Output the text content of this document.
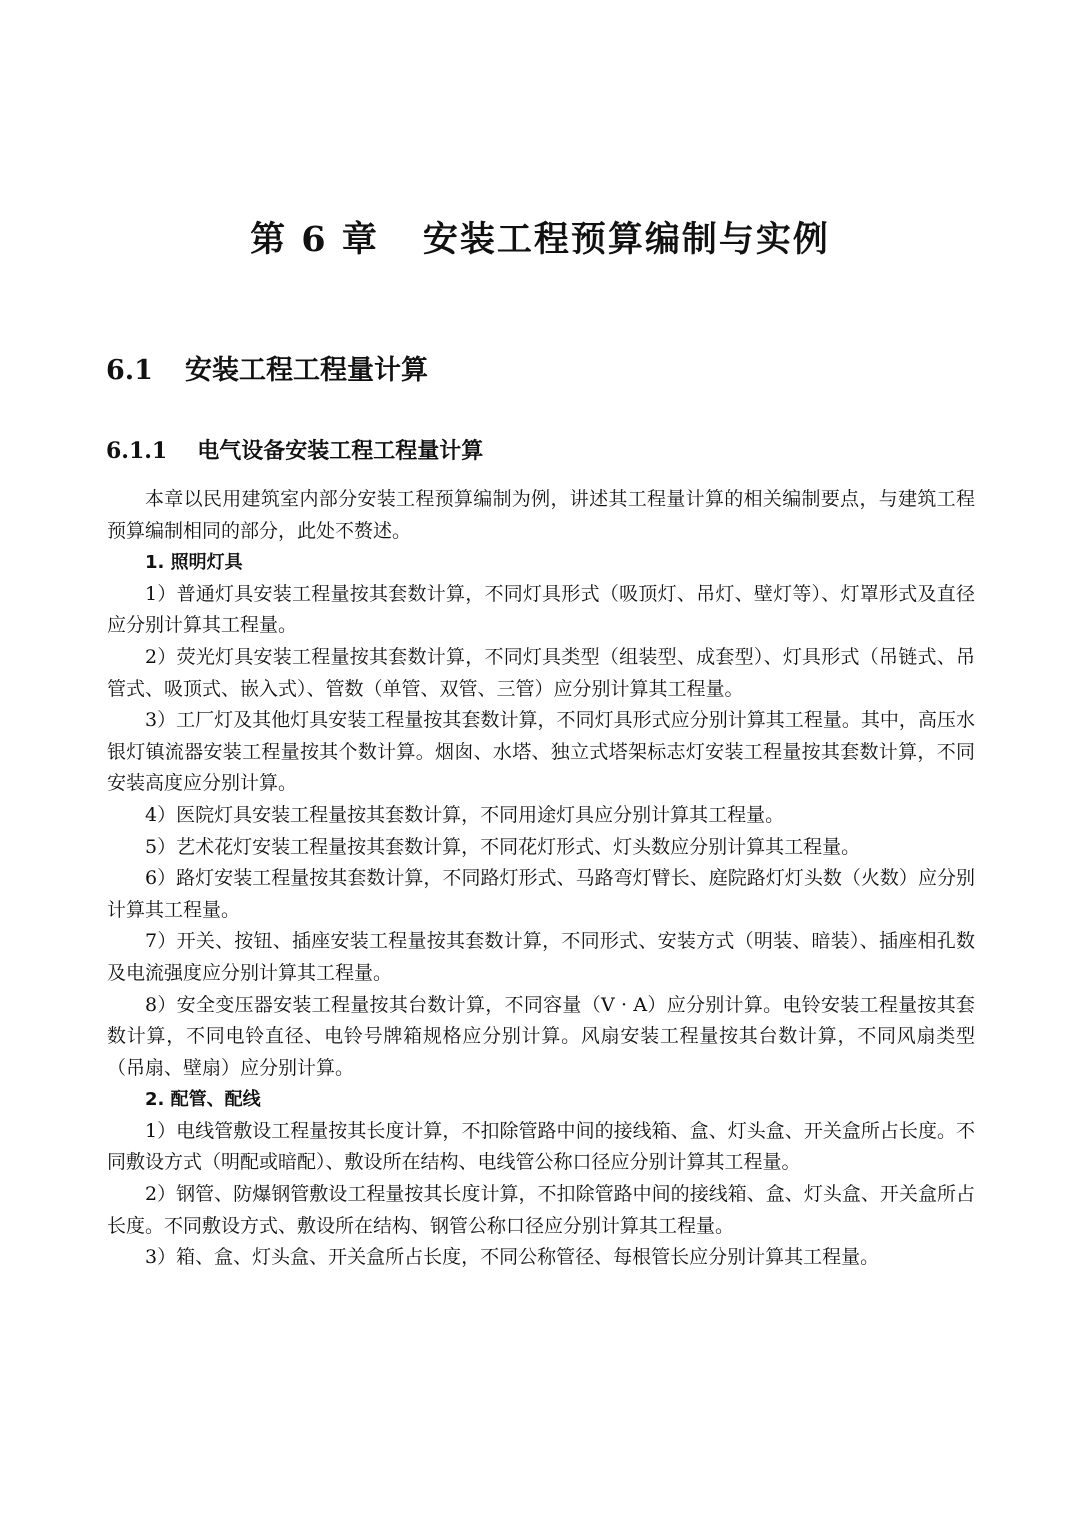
第 6 章 安装工程预算编制与实例
6.1 安装工程工程量计算
6.1.1 电气设备安装工程工程量计算

本章以民用建筑室内部分安装工程预算编制为例，讲述其工程量计算的相关编制要点，与建筑工程预算编制相同的部分，此处不赘述。

1. 照明灯具

1）普通灯具安装工程量按其套数计算，不同灯具形式（吸顶灯、吊灯、壁灯等）、灯罩形式及直径应分别计算其工程量。

2）荧光灯具安装工程量按其套数计算，不同灯具类型（组装型、成套型）、灯具形式（吊链式、吊管式、吸顶式、嵌入式）、管数（单管、双管、三管）应分别计算其工程量。

3）工厂灯及其他灯具安装工程量按其套数计算，不同灯具形式应分别计算其工程量。其中，高压水银灯镇流器安装工程量按其个数计算。烟囱、水塔、独立式塔架标志灯安装工程量按其套数计算，不同安装高度应分别计算。

4）医院灯具安装工程量按其套数计算，不同用途灯具应分别计算其工程量。

5）艺术花灯安装工程量按其套数计算，不同花灯形式、灯头数应分别计算其工程量。

6）路灯安装工程量按其套数计算，不同路灯形式、马路弯灯臂长、庭院路灯灯头数（火数）应分别计算其工程量。

7）开关、按钮、插座安装工程量按其套数计算，不同形式、安装方式（明装、暗装）、插座相孔数及电流强度应分别计算其工程量。

8）安全变压器安装工程量按其台数计算，不同容量（V · A）应分别计算。电铃安装工程量按其套数计算，不同电铃直径、电铃号牌箱规格应分别计算。风扇安装工程量按其台数计算，不同风扇类型（吊扇、壁扇）应分别计算。

2. 配管、配线

1）电线管敷设工程量按其长度计算，不扣除管路中间的接线箱、盒、灯头盒、开关盒所占长度。不同敷设方式（明配或暗配）、敷设所在结构、电线管公称口径应分别计算其工程量。

2）钢管、防爆钢管敷设工程量按其长度计算，不扣除管路中间的接线箱、盒、灯头盒、开关盒所占长度。不同敷设方式、敷设所在结构、钢管公称口径应分别计算其工程量。

3）箱、盒、灯头盒、开关盒所占长度，不同公称管径、每根管长应分别计算其工程量。
